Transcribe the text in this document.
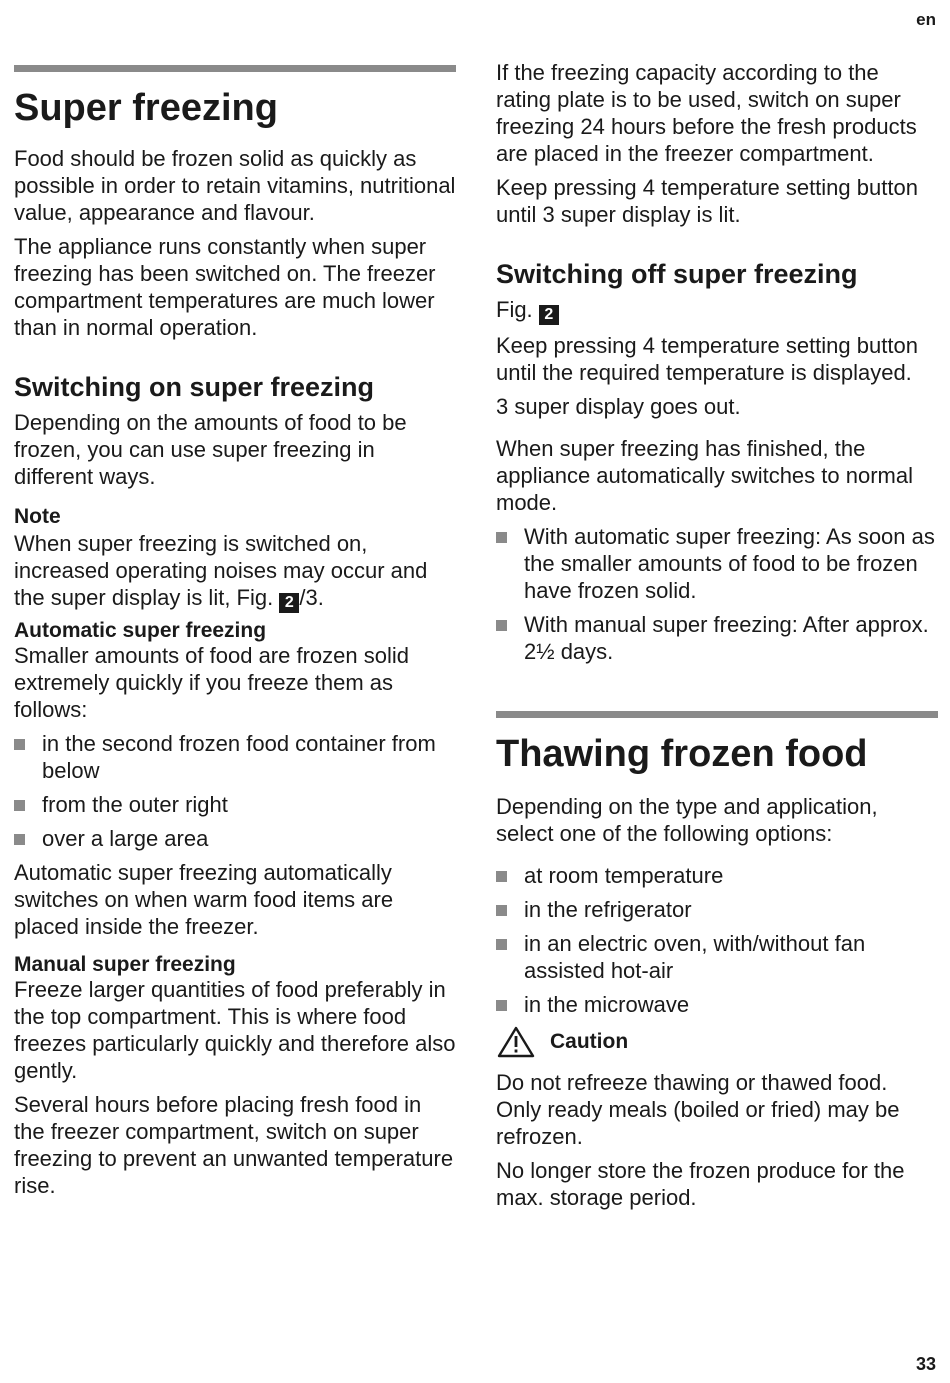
en
Super freezing

Food should be frozen solid as quickly as possible in order to retain vitamins, nutritional value, appearance and flavour.

The appliance runs constantly when super freezing has been switched on. The freezer compartment temperatures are much lower than in normal operation.

Switching on super freezing

Depending on the amounts of food to be frozen, you can use super freezing in different ways.

Note

When super freezing is switched on, increased operating noises may occur and the super display is lit, Fig. 2 /3.

Automatic super freezing

Smaller amounts of food are frozen solid extremely quickly if you freeze them as follows:

in the second frozen food container from below
from the outer right
over a large area

Automatic super freezing automatically switches on when warm food items are placed inside the freezer.

Manual super freezing

Freeze larger quantities of food preferably in the top compartment. This is where food freezes particularly quickly and therefore also gently.

Several hours before placing fresh food in the freezer compartment, switch on super freezing to prevent an unwanted temperature rise.

If the freezing capacity according to the rating plate is to be used, switch on super freezing 24 hours before the fresh products are placed in the freezer compartment.

Keep pressing 4 temperature setting button until 3 super display is lit.

Switching off super freezing

Fig. 2

Keep pressing 4 temperature setting button until the required temperature is displayed.

3 super display goes out.

When super freezing has finished, the appliance automatically switches to normal mode.

With automatic super freezing: As soon as the smaller amounts of food to be frozen have frozen solid.
With manual super freezing: After approx. 2½ days.
Thawing frozen food

Depending on the type and application, select one of the following options:

at room temperature
in the refrigerator
in an electric oven, with/without fan assisted hot-air
in the microwave
Caution

Do not refreeze thawing or thawed food. Only ready meals (boiled or fried) may be refrozen.

No longer store the frozen produce for the max. storage period.

33
